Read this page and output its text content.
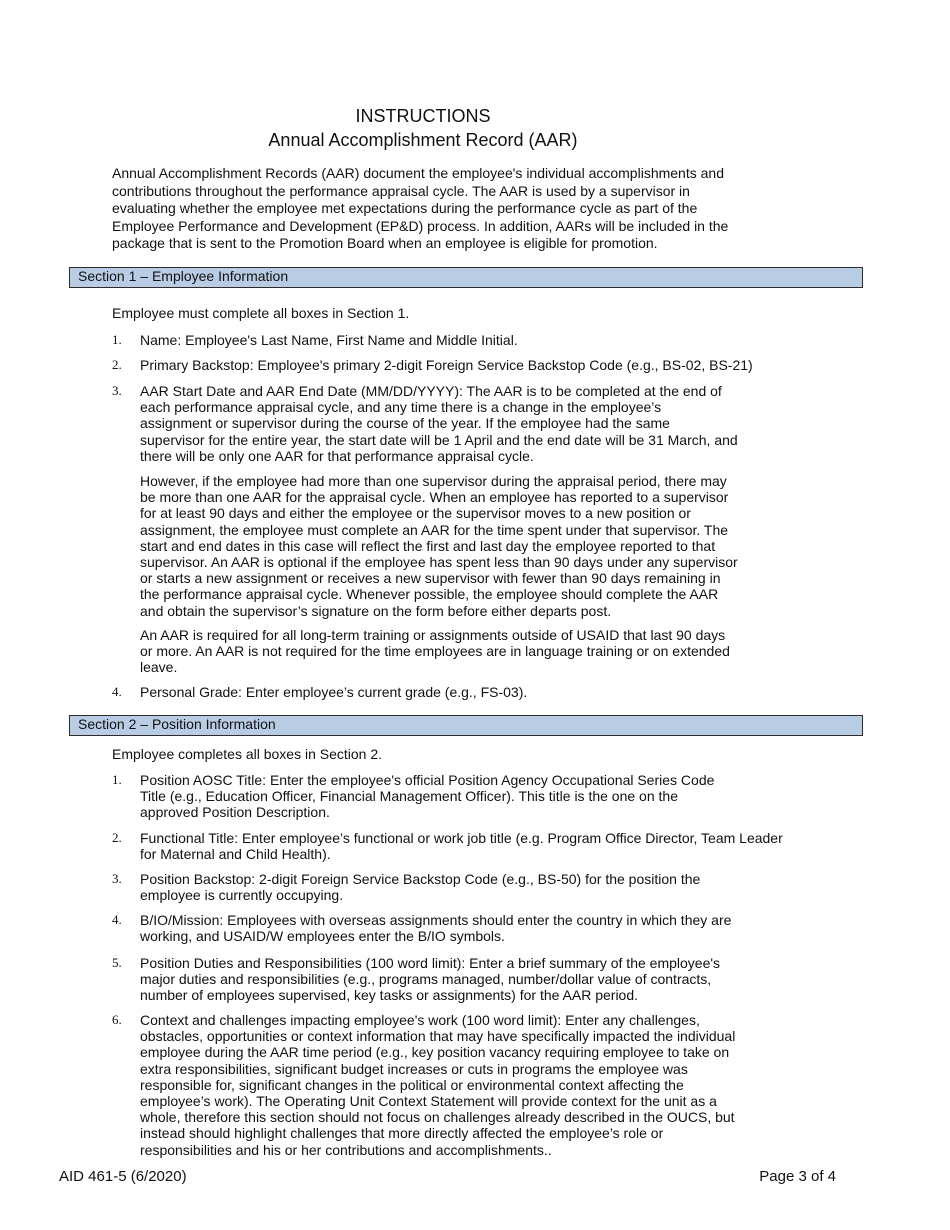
INSTRUCTIONS
Annual Accomplishment Record (AAR)
Annual Accomplishment Records (AAR) document the employee's individual accomplishments and
contributions throughout the performance appraisal cycle. The AAR is used by a supervisor in
evaluating whether the employee met expectations during the performance cycle as part of the
Employee Performance and Development (EP&D) process. In addition, AARs will be included in the
package that is sent to the Promotion Board when an employee is eligible for promotion.
Section 1 – Employee Information
Employee must complete all boxes in Section 1.
1.	Name: Employee's Last Name, First Name and Middle Initial.
2.	Primary Backstop: Employee's primary 2-digit Foreign Service Backstop Code (e.g., BS-02, BS-21)
3.	AAR Start Date and AAR End Date (MM/DD/YYYY): The AAR is to be completed at the end of
each performance appraisal cycle, and any time there is a change in the employee’s
assignment or supervisor during the course of the year. If the employee had the same
supervisor for the entire year, the start date will be 1 April and the end date will be 31 March, and
there will be only one AAR for that performance appraisal cycle.
However, if the employee had more than one supervisor during the appraisal period, there may
be more than one AAR for the appraisal cycle. When an employee has reported to a supervisor
for at least 90 days and either the employee or the supervisor moves to a new position or
assignment, the employee must complete an AAR for the time spent under that supervisor. The
start and end dates in this case will reflect the first and last day the employee reported to that
supervisor. An AAR is optional if the employee has spent less than 90 days under any supervisor
or starts a new assignment or receives a new supervisor with fewer than 90 days remaining in
the performance appraisal cycle. Whenever possible, the employee should complete the AAR
and obtain the supervisor’s signature on the form before either departs post.
An AAR is required for all long-term training or assignments outside of USAID that last 90 days
or more. An AAR is not required for the time employees are in language training or on extended
leave.
4.	Personal Grade: Enter employee’s current grade (e.g., FS-03).
Section 2 – Position Information
Employee completes all boxes in Section 2.
1.	Position AOSC Title: Enter the employee's official Position Agency Occupational Series Code
Title (e.g., Education Officer, Financial Management Officer). This title is the one on the
approved Position Description.
2.	Functional Title: Enter employee’s functional or work job title (e.g. Program Office Director, Team Leader
for Maternal and Child Health).
3.	Position Backstop: 2-digit Foreign Service Backstop Code (e.g., BS-50) for the position the
employee is currently occupying.
4.	B/IO/Mission: Employees with overseas assignments should enter the country in which they are
working, and USAID/W employees enter the B/IO symbols.
5.	Position Duties and Responsibilities (100 word limit): Enter a brief summary of the employee's
major duties and responsibilities (e.g., programs managed, number/dollar value of contracts,
number of employees supervised, key tasks or assignments) for the AAR period.
6.	Context and challenges impacting employee's work (100 word limit): Enter any challenges,
obstacles, opportunities or context information that may have specifically impacted the individual
employee during the AAR time period (e.g., key position vacancy requiring employee to take on
extra responsibilities, significant budget increases or cuts in programs the employee was
responsible for, significant changes in the political or environmental context affecting the
employee’s work). The Operating Unit Context Statement will provide context for the unit as a
whole, therefore this section should not focus on challenges already described in the OUCS, but
instead should highlight challenges that more directly affected the employee’s role or
responsibilities and his or her contributions and accomplishments..
AID 461-5 (6/2020)	Page 3 of 4
